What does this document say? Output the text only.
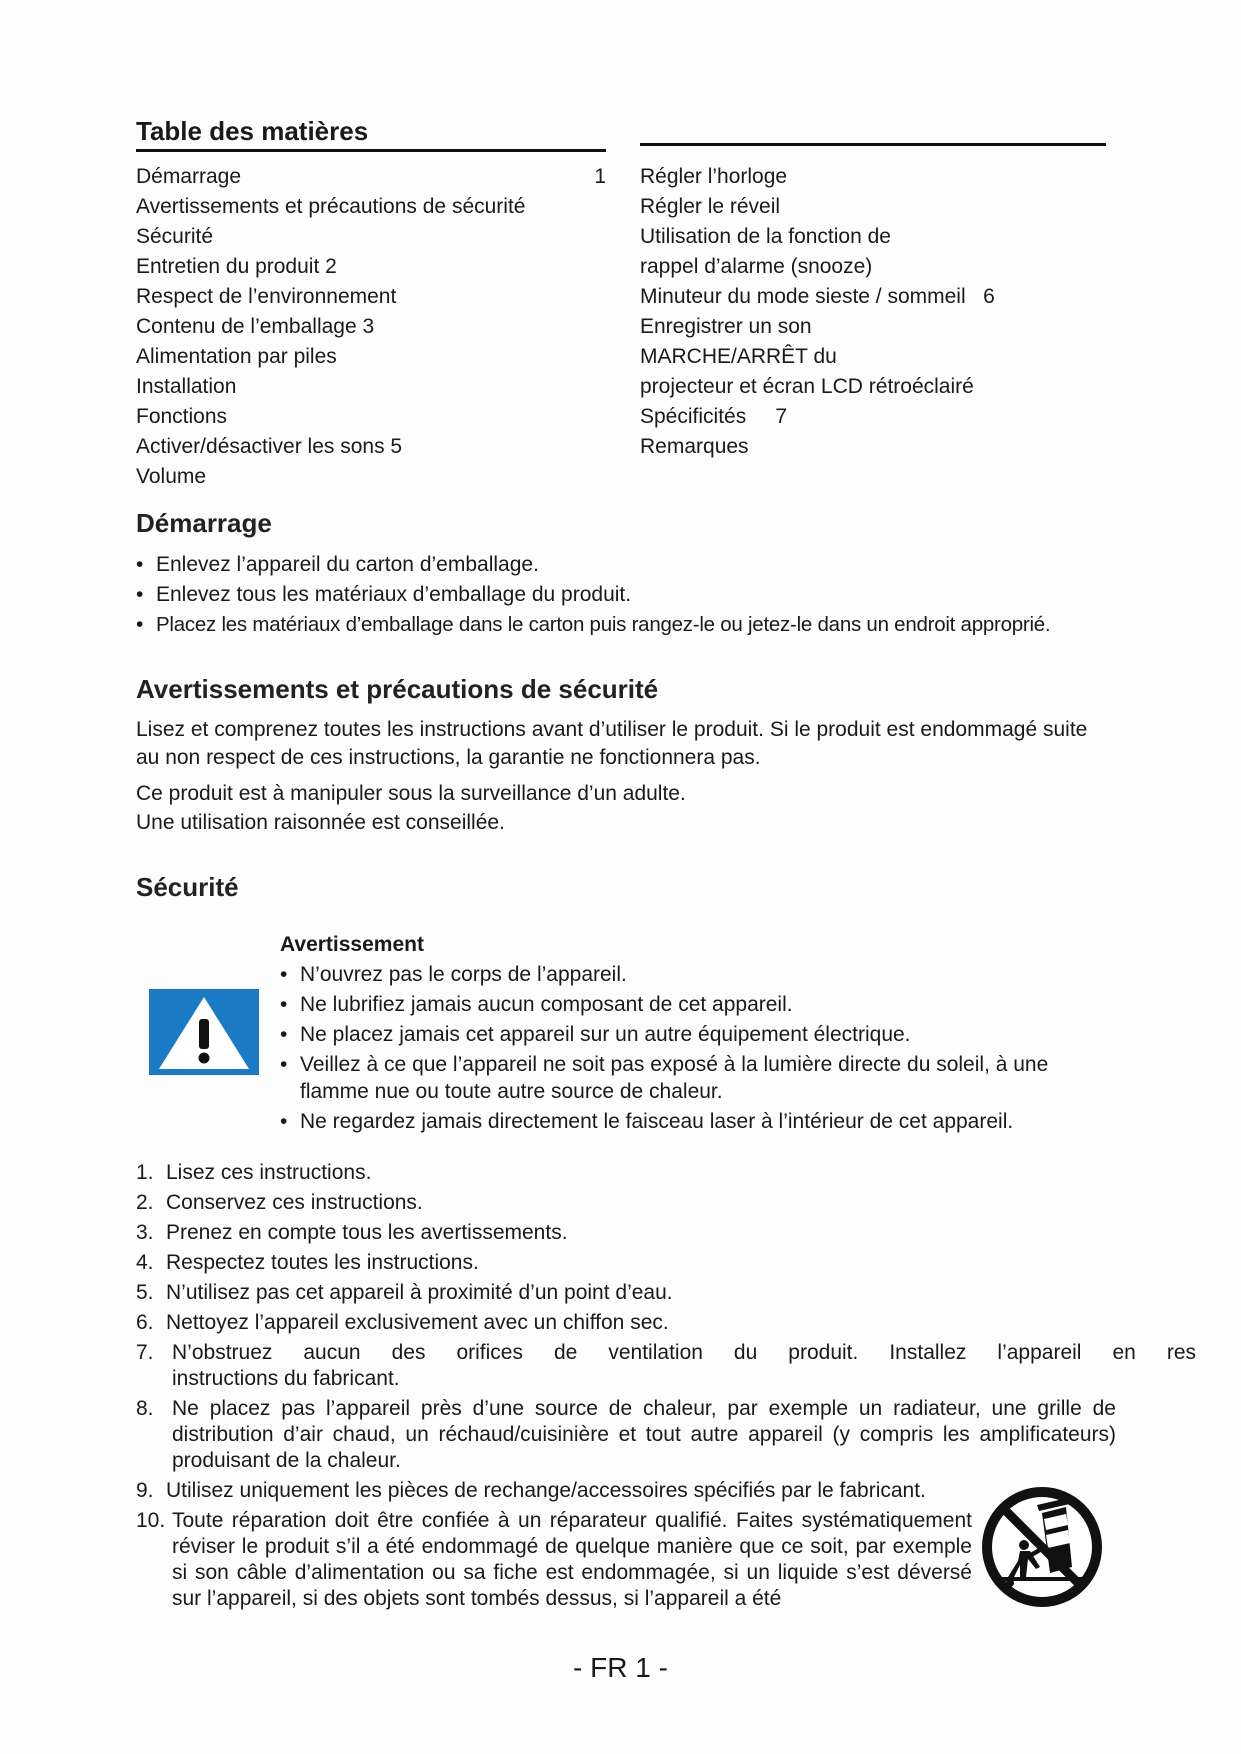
Table des matières
Démarrage	1
Avertissements et précautions de sécurité
Sécurité
Entretien du produit 2
Respect de l’environnement
Contenu de l’emballage 3
Alimentation par piles
Installation
Fonctions
Activer/désactiver les sons 5
Volume
Régler l’horloge
Régler le réveil
Utilisation de la fonction de
rappel d’alarme (snooze)
Minuteur du mode sieste / sommeil   6
Enregistrer un son
MARCHE/ARRÊT du
projecteur et écran LCD rétroéclairé
Spécificités     7
Remarques
Démarrage
• Enlevez l’appareil du carton d’emballage.
• Enlevez tous les matériaux d’emballage du produit.
• Placez les matériaux d’emballage dans le carton puis rangez-le ou jetez-le dans un endroit approprié.
Avertissements et précautions de sécurité

Lisez et comprenez toutes les instructions avant d’utiliser le produit. Si le produit est endommagé suite au non respect de ces instructions, la garantie ne fonctionnera pas.

Ce produit est à manipuler sous la surveillance d’un adulte.

Une utilisation raisonnée est conseillée.

Sécurité
Avertissement
• N’ouvrez pas le corps de l’appareil.
• Ne lubrifiez jamais aucun composant de cet appareil.
• Ne placez jamais cet appareil sur un autre équipement électrique.
• Veillez à ce que l’appareil ne soit pas exposé à la lumière directe du soleil, à une flamme nue ou toute autre source de chaleur.
• Ne regardez jamais directement le faisceau laser à l’intérieur de cet appareil.
1. Lisez ces instructions.
2. Conservez ces instructions.
3. Prenez en compte tous les avertissements.
4. Respectez toutes les instructions.
5. N’utilisez pas cet appareil à proximité d’un point d’eau.
6. Nettoyez l’appareil exclusivement avec un chiffon sec.
7. N’obstruez aucun des orifices de ventilation du produit. Installez l’appareil en res
instructions du fabricant.
8. Ne placez pas l’appareil près d’une source de chaleur, par exemple un radiateur, une grille de distribution d’air chaud, un réchaud/cuisinière et tout autre appareil (y compris les amplificateurs) produisant de la chaleur.
9. Utilisez uniquement les pièces de rechange/accessoires spécifiés par le fabricant.
10. Toute réparation doit être confiée à un réparateur qualifié. Faites systématiquement réviser le produit s’il a été endommagé de quelque manière que ce soit, par exemple si son câble d’alimentation ou sa fiche est endommagée, si un liquide s’est déversé sur l’appareil, si des objets sont tombés dessus, si l’appareil a été
- FR 1 -
